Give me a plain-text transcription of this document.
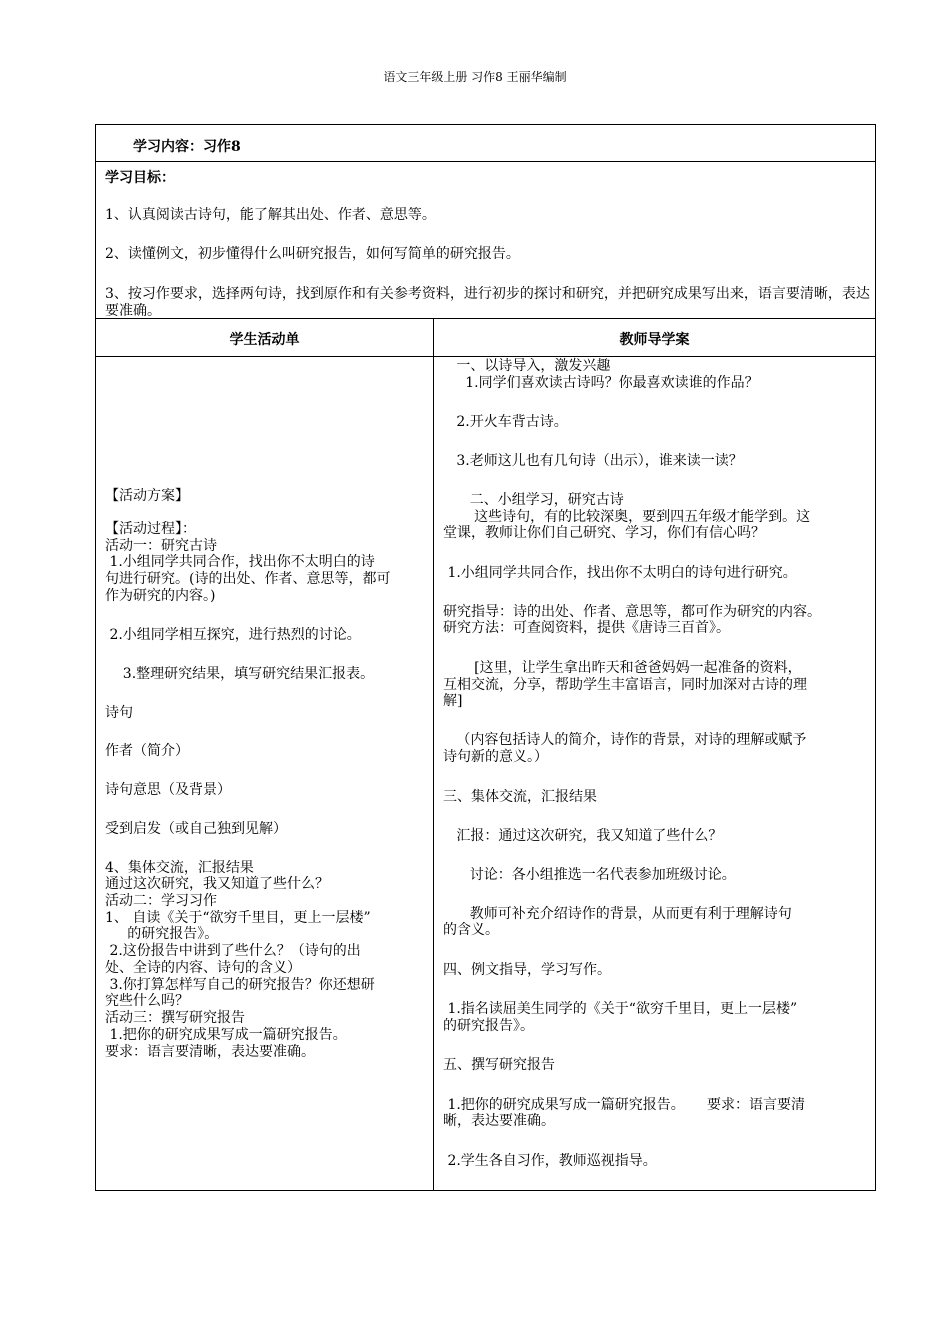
语文三年级上册 习作8 王丽华编制
学习内容：习作8
学习目标：
1、认真阅读古诗句，能了解其出处、作者、意思等。
2、读懂例文，初步懂得什么叫研究报告，如何写简单的研究报告。
3、按习作要求，选择两句诗，找到原作和有关参考资料，进行初步的探讨和研究，并把研究成果写出来，语言要清晰，表达要准确。
学生活动单	教师导学案
【活动方案】
【活动过程】：
活动一：研究古诗
1.小组同学共同合作，找出你不太明白的诗
句进行研究。(诗的出处、作者、意思等，都可
作为研究的内容。)
2.小组同学相互探究，进行热烈的讨论。
3.整理研究结果，填写研究结果汇报表。
诗句
作者（简介）
诗句意思（及背景）
受到启发（或自己独到见解）
4、集体交流，汇报结果
通过这次研究，我又知道了些什么？
活动二：学习习作
1、 自读《关于“欲穷千里目，更上一层楼”
的研究报告》。
2.这份报告中讲到了些什么？（诗句的出
处、全诗的内容、诗句的含义）
3.你打算怎样写自己的研究报告？你还想研
究些什么吗？
活动三：撰写研究报告
1.把你的研究成果写成一篇研究报告。
要求：语言要清晰，表达要准确。
一、以诗导入，激发兴趣
1.同学们喜欢读古诗吗？你最喜欢读谁的作品？
2.开火车背古诗。
3.老师这儿也有几句诗（出示），谁来读一读？
二、小组学习，研究古诗
这些诗句，有的比较深奥，要到四五年级才能学到。这
堂课，教师让你们自己研究、学习，你们有信心吗？
1.小组同学共同合作，找出你不太明白的诗句进行研究。
研究指导：诗的出处、作者、意思等，都可作为研究的内容。
研究方法：可查阅资料，提供《唐诗三百首》。
[这里，让学生拿出昨天和爸爸妈妈一起准备的资料，
互相交流，分享，帮助学生丰富语言，同时加深对古诗的理
解]
（内容包括诗人的简介，诗作的背景，对诗的理解或赋予
诗句新的意义。）
三、集体交流，汇报结果
汇报：通过这次研究，我又知道了些什么？
讨论：各小组推选一名代表参加班级讨论。
教师可补充介绍诗作的背景，从而更有利于理解诗句
的含义。
四、例文指导，学习写作。
1.指名读屈美生同学的《关于“欲穷千里目，更上一层楼”
的研究报告》。
五、撰写研究报告
1.把你的研究成果写成一篇研究报告。     要求：语言要清
晰，表达要准确。
2.学生各自习作，教师巡视指导。
